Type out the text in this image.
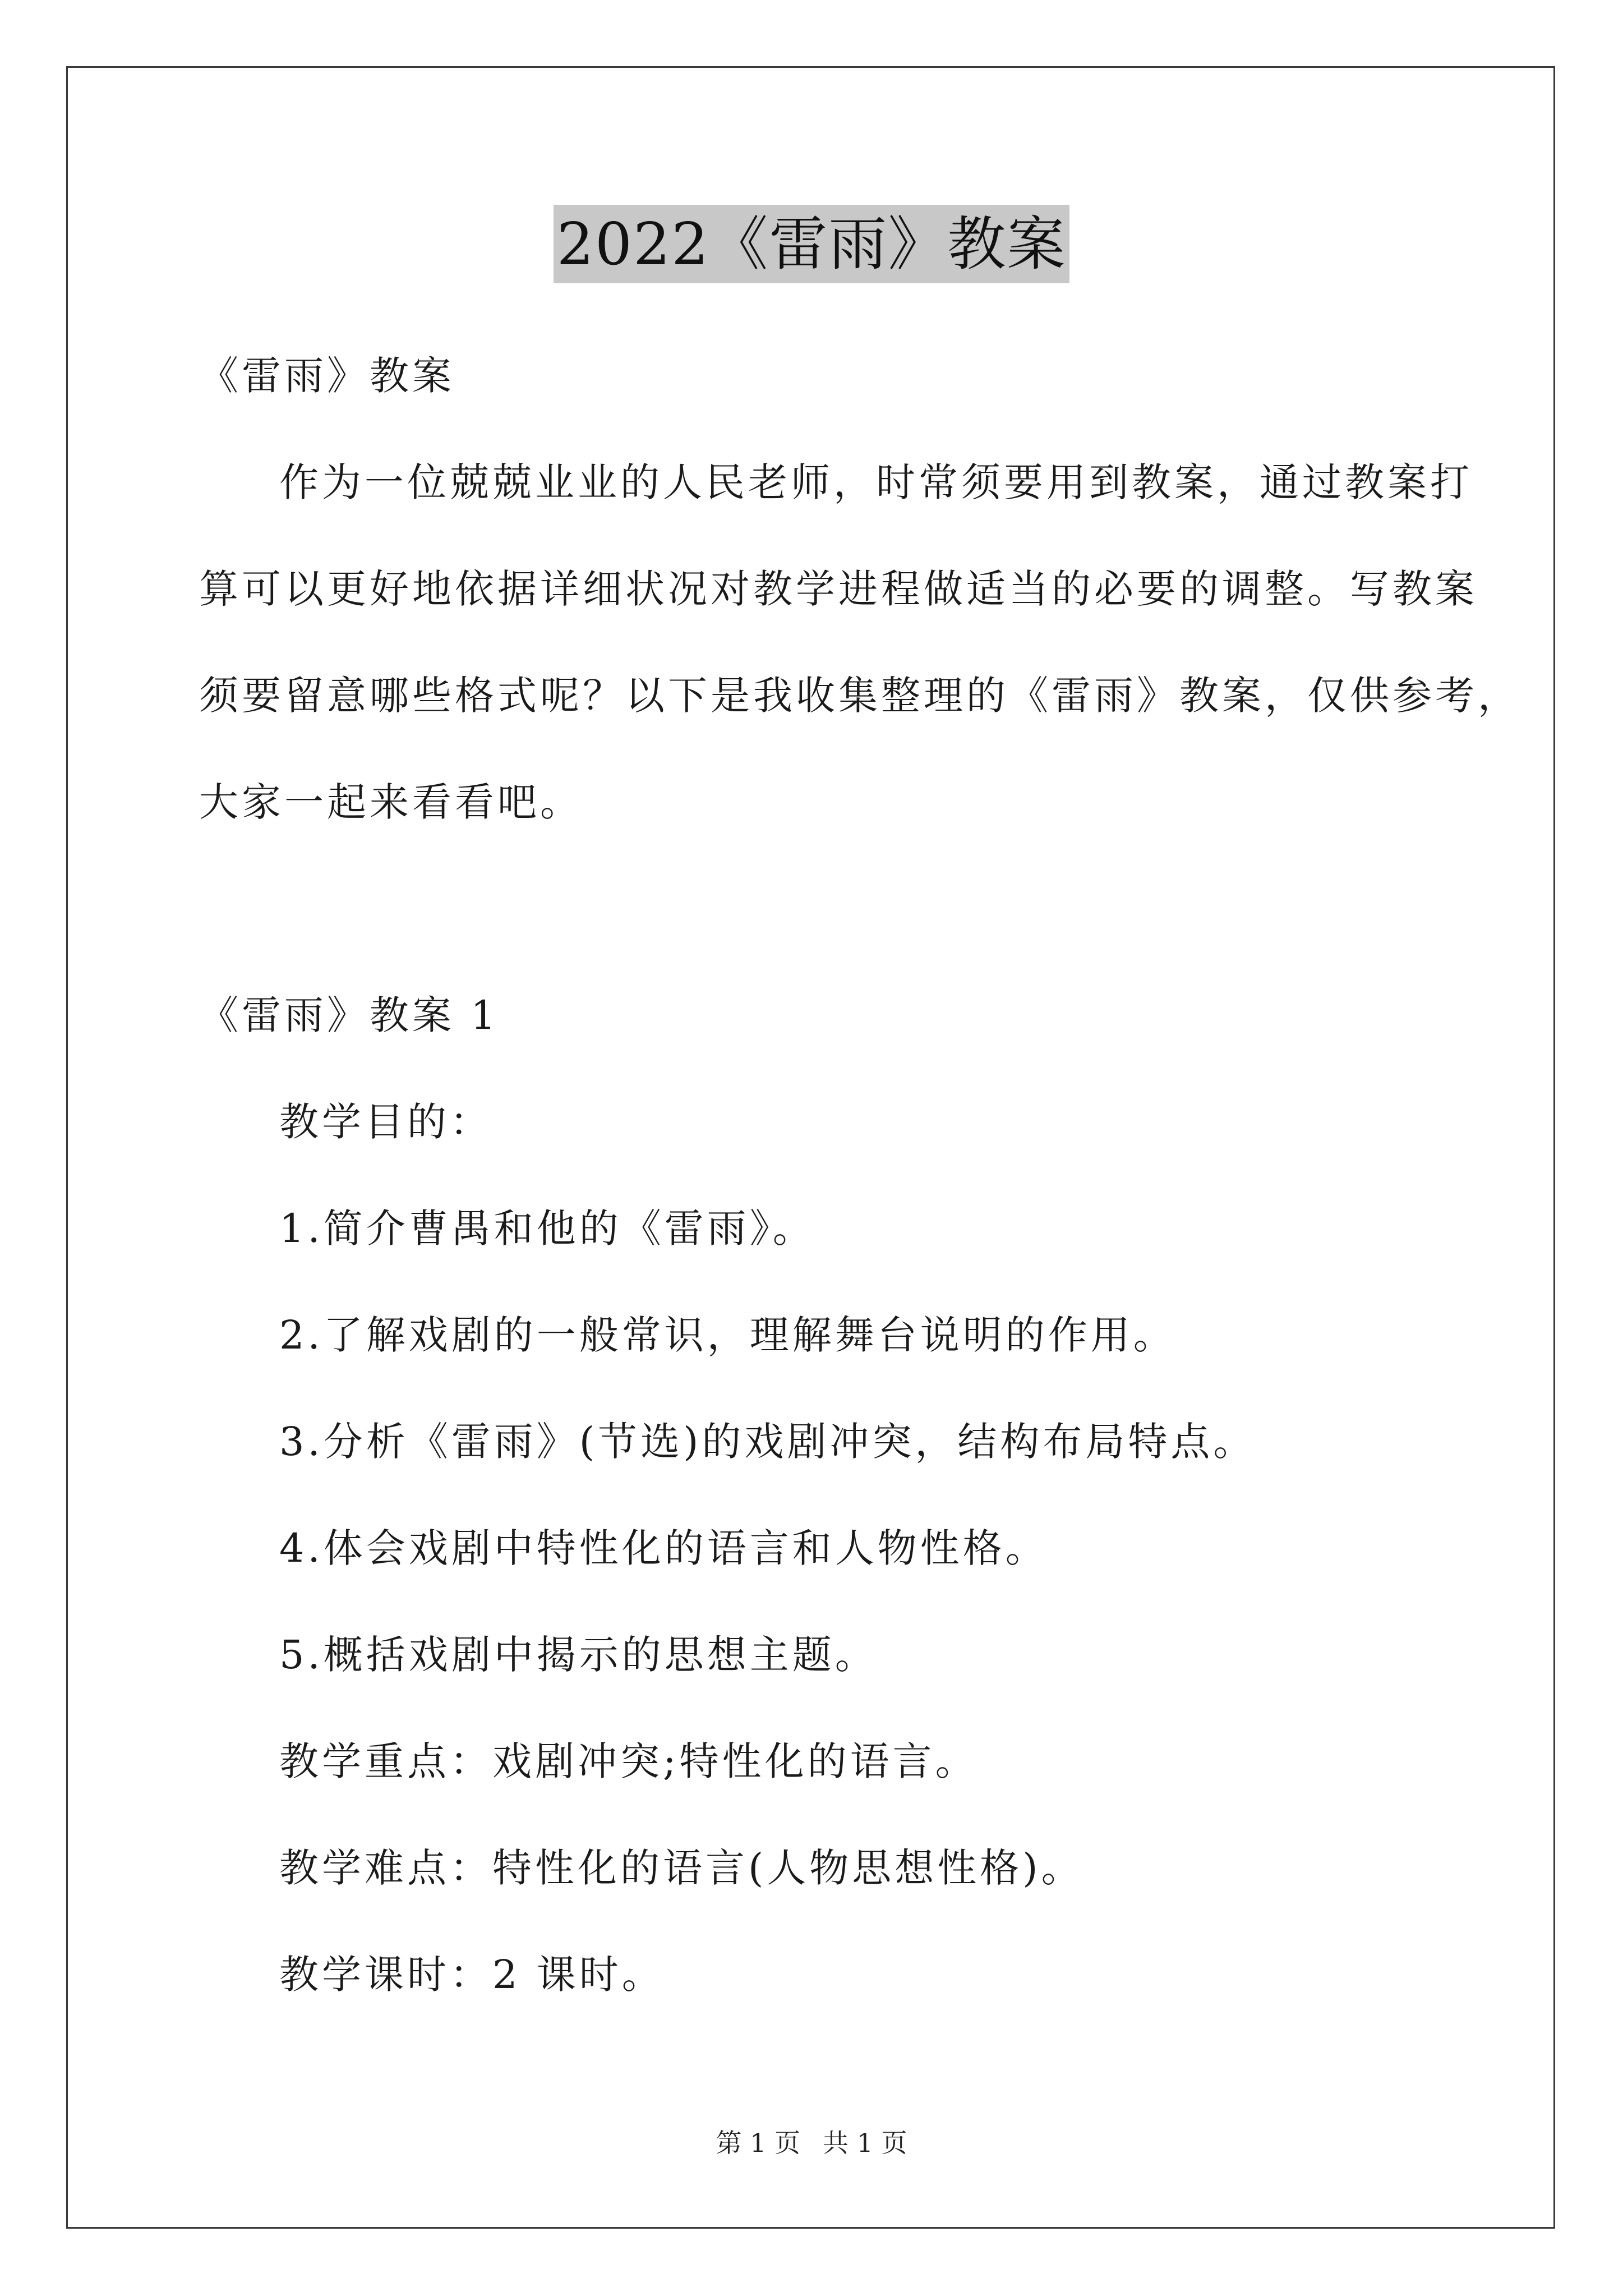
2022《雷雨》教案
《雷雨》教案
作为一位兢兢业业的人民老师，时常须要用到教案，通过教案打
算可以更好地依据详细状况对教学进程做适当的必要的调整。写教案
须要留意哪些格式呢？以下是我收集整理的《雷雨》教案，仅供参考，
大家一起来看看吧。
《雷雨》教案 1
教学目的：
1.简介曹禺和他的《雷雨》。
2.了解戏剧的一般常识，理解舞台说明的作用。
3.分析《雷雨》(节选)的戏剧冲突，结构布局特点。
4.体会戏剧中特性化的语言和人物性格。
5.概括戏剧中揭示的思想主题。
教学重点：戏剧冲突;特性化的语言。
教学难点：特性化的语言(人物思想性格)。
教学课时：2 课时。
第 1 页 共 1 页
